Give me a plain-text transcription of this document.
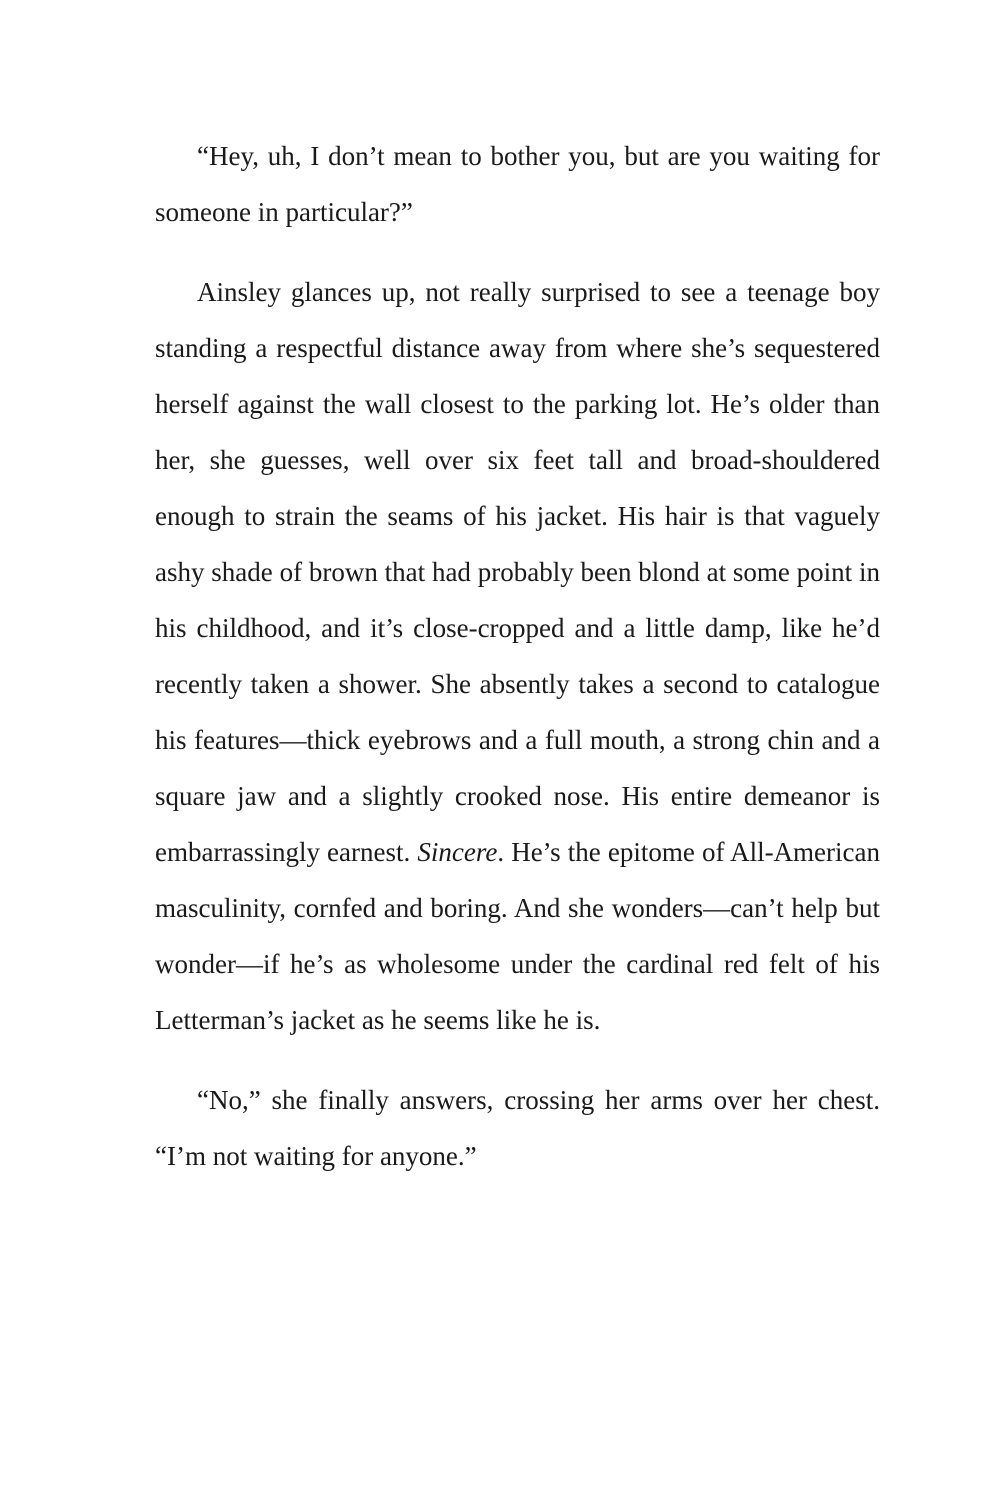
“Hey, uh, I don’t mean to bother you, but are you waiting for someone in particular?”

Ainsley glances up, not really surprised to see a teenage boy standing a respectful distance away from where she’s sequestered herself against the wall closest to the parking lot. He’s older than her, she guesses, well over six feet tall and broad-shouldered enough to strain the seams of his jacket. His hair is that vaguely ashy shade of brown that had probably been blond at some point in his childhood, and it’s close-cropped and a little damp, like he’d recently taken a shower. She absently takes a second to catalogue his features—thick eyebrows and a full mouth, a strong chin and a square jaw and a slightly crooked nose. His entire demeanor is embarrassingly earnest. Sincere. He’s the epitome of All-American masculinity, cornfed and boring. And she wonders—can’t help but wonder—if he’s as wholesome under the cardinal red felt of his Letterman’s jacket as he seems like he is.

“No,” she finally answers, crossing her arms over her chest. “I’m not waiting for anyone.”
